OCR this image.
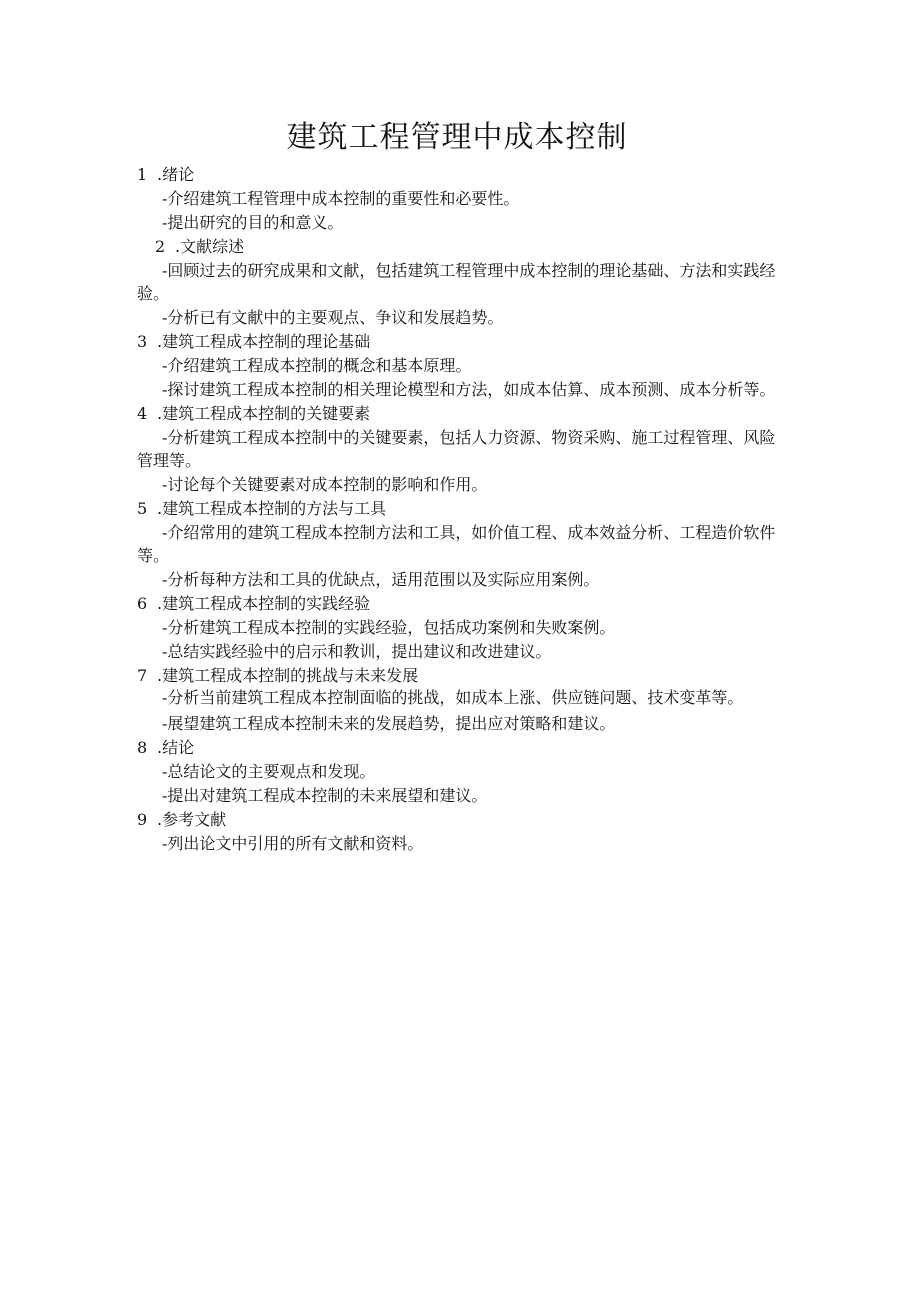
建筑工程管理中成本控制
1 .绪论
-介绍建筑工程管理中成本控制的重要性和必要性。
-提出研究的目的和意义。
2 .文献综述
-回顾过去的研究成果和文献，包括建筑工程管理中成本控制的理论基础、方法和实践经验。
-分析已有文献中的主要观点、争议和发展趋势。
3 .建筑工程成本控制的理论基础
-介绍建筑工程成本控制的概念和基本原理。
-探讨建筑工程成本控制的相关理论模型和方法，如成本估算、成本预测、成本分析等。
4 .建筑工程成本控制的关键要素
-分析建筑工程成本控制中的关键要素，包括人力资源、物资采购、施工过程管理、风险管理等。
-讨论每个关键要素对成本控制的影响和作用。
5 .建筑工程成本控制的方法与工具
-介绍常用的建筑工程成本控制方法和工具，如价值工程、成本效益分析、工程造价软件等。
-分析每种方法和工具的优缺点，适用范围以及实际应用案例。
6 .建筑工程成本控制的实践经验
-分析建筑工程成本控制的实践经验，包括成功案例和失败案例。
-总结实践经验中的启示和教训，提出建议和改进建议。
7 .建筑工程成本控制的挑战与未来发展
-分析当前建筑工程成本控制面临的挑战，如成本上涨、供应链问题、技术变革等。
-展望建筑工程成本控制未来的发展趋势，提出应对策略和建议。
8 .结论
-总结论文的主要观点和发现。
-提出对建筑工程成本控制的未来展望和建议。
9 .参考文献
-列出论文中引用的所有文献和资料。
